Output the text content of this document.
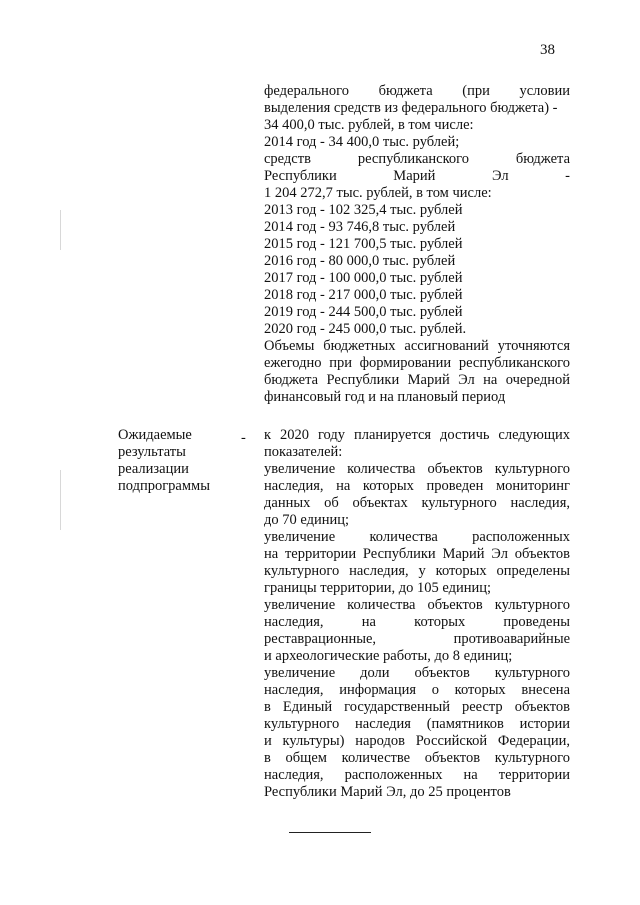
38

федерального бюджета (при условии

выделения средств из федерального бюджета) -

34 400,0 тыс. рублей, в том числе:

2014 год - 34 400,0 тыс. рублей;

средств республиканского бюджета

Республики Марий Эл -

1 204 272,7 тыс. рублей, в том числе:

2013 год - 102 325,4 тыс. рублей

2014 год - 93 746,8 тыс. рублей

2015 год - 121 700,5 тыс. рублей

2016 год - 80 000,0 тыс. рублей

2017 год - 100 000,0 тыс. рублей

2018 год - 217 000,0 тыс. рублей

2019 год - 244 500,0 тыс. рублей

2020 год - 245 000,0 тыс. рублей.

Объемы бюджетных ассигнований уточняются

ежегодно при формировании республиканского

бюджета Республики Марий Эл на очередной

финансовый год и на плановый период

Ожидаемые
результаты
реализации
подпрограммы
- к 2020 году планируется достичь следующих

показателей:

увеличение количества объектов культурного

наследия, на которых проведен мониторинг

данных об объектах культурного наследия,

до 70 единиц;

увеличение количества расположенных

на территории Республики Марий Эл объектов

культурного наследия, у которых определены

границы территории, до 105 единиц;

увеличение количества объектов культурного

наследия, на которых проведены

реставрационные, противоаварийные

и археологические работы, до 8 единиц;

увеличение доли объектов культурного

наследия, информация о которых внесена

в Единый государственный реестр объектов

культурного наследия (памятников истории

и культуры) народов Российской Федерации,

в общем количестве объектов культурного

наследия, расположенных на территории

Республики Марий Эл, до 25 процентов
